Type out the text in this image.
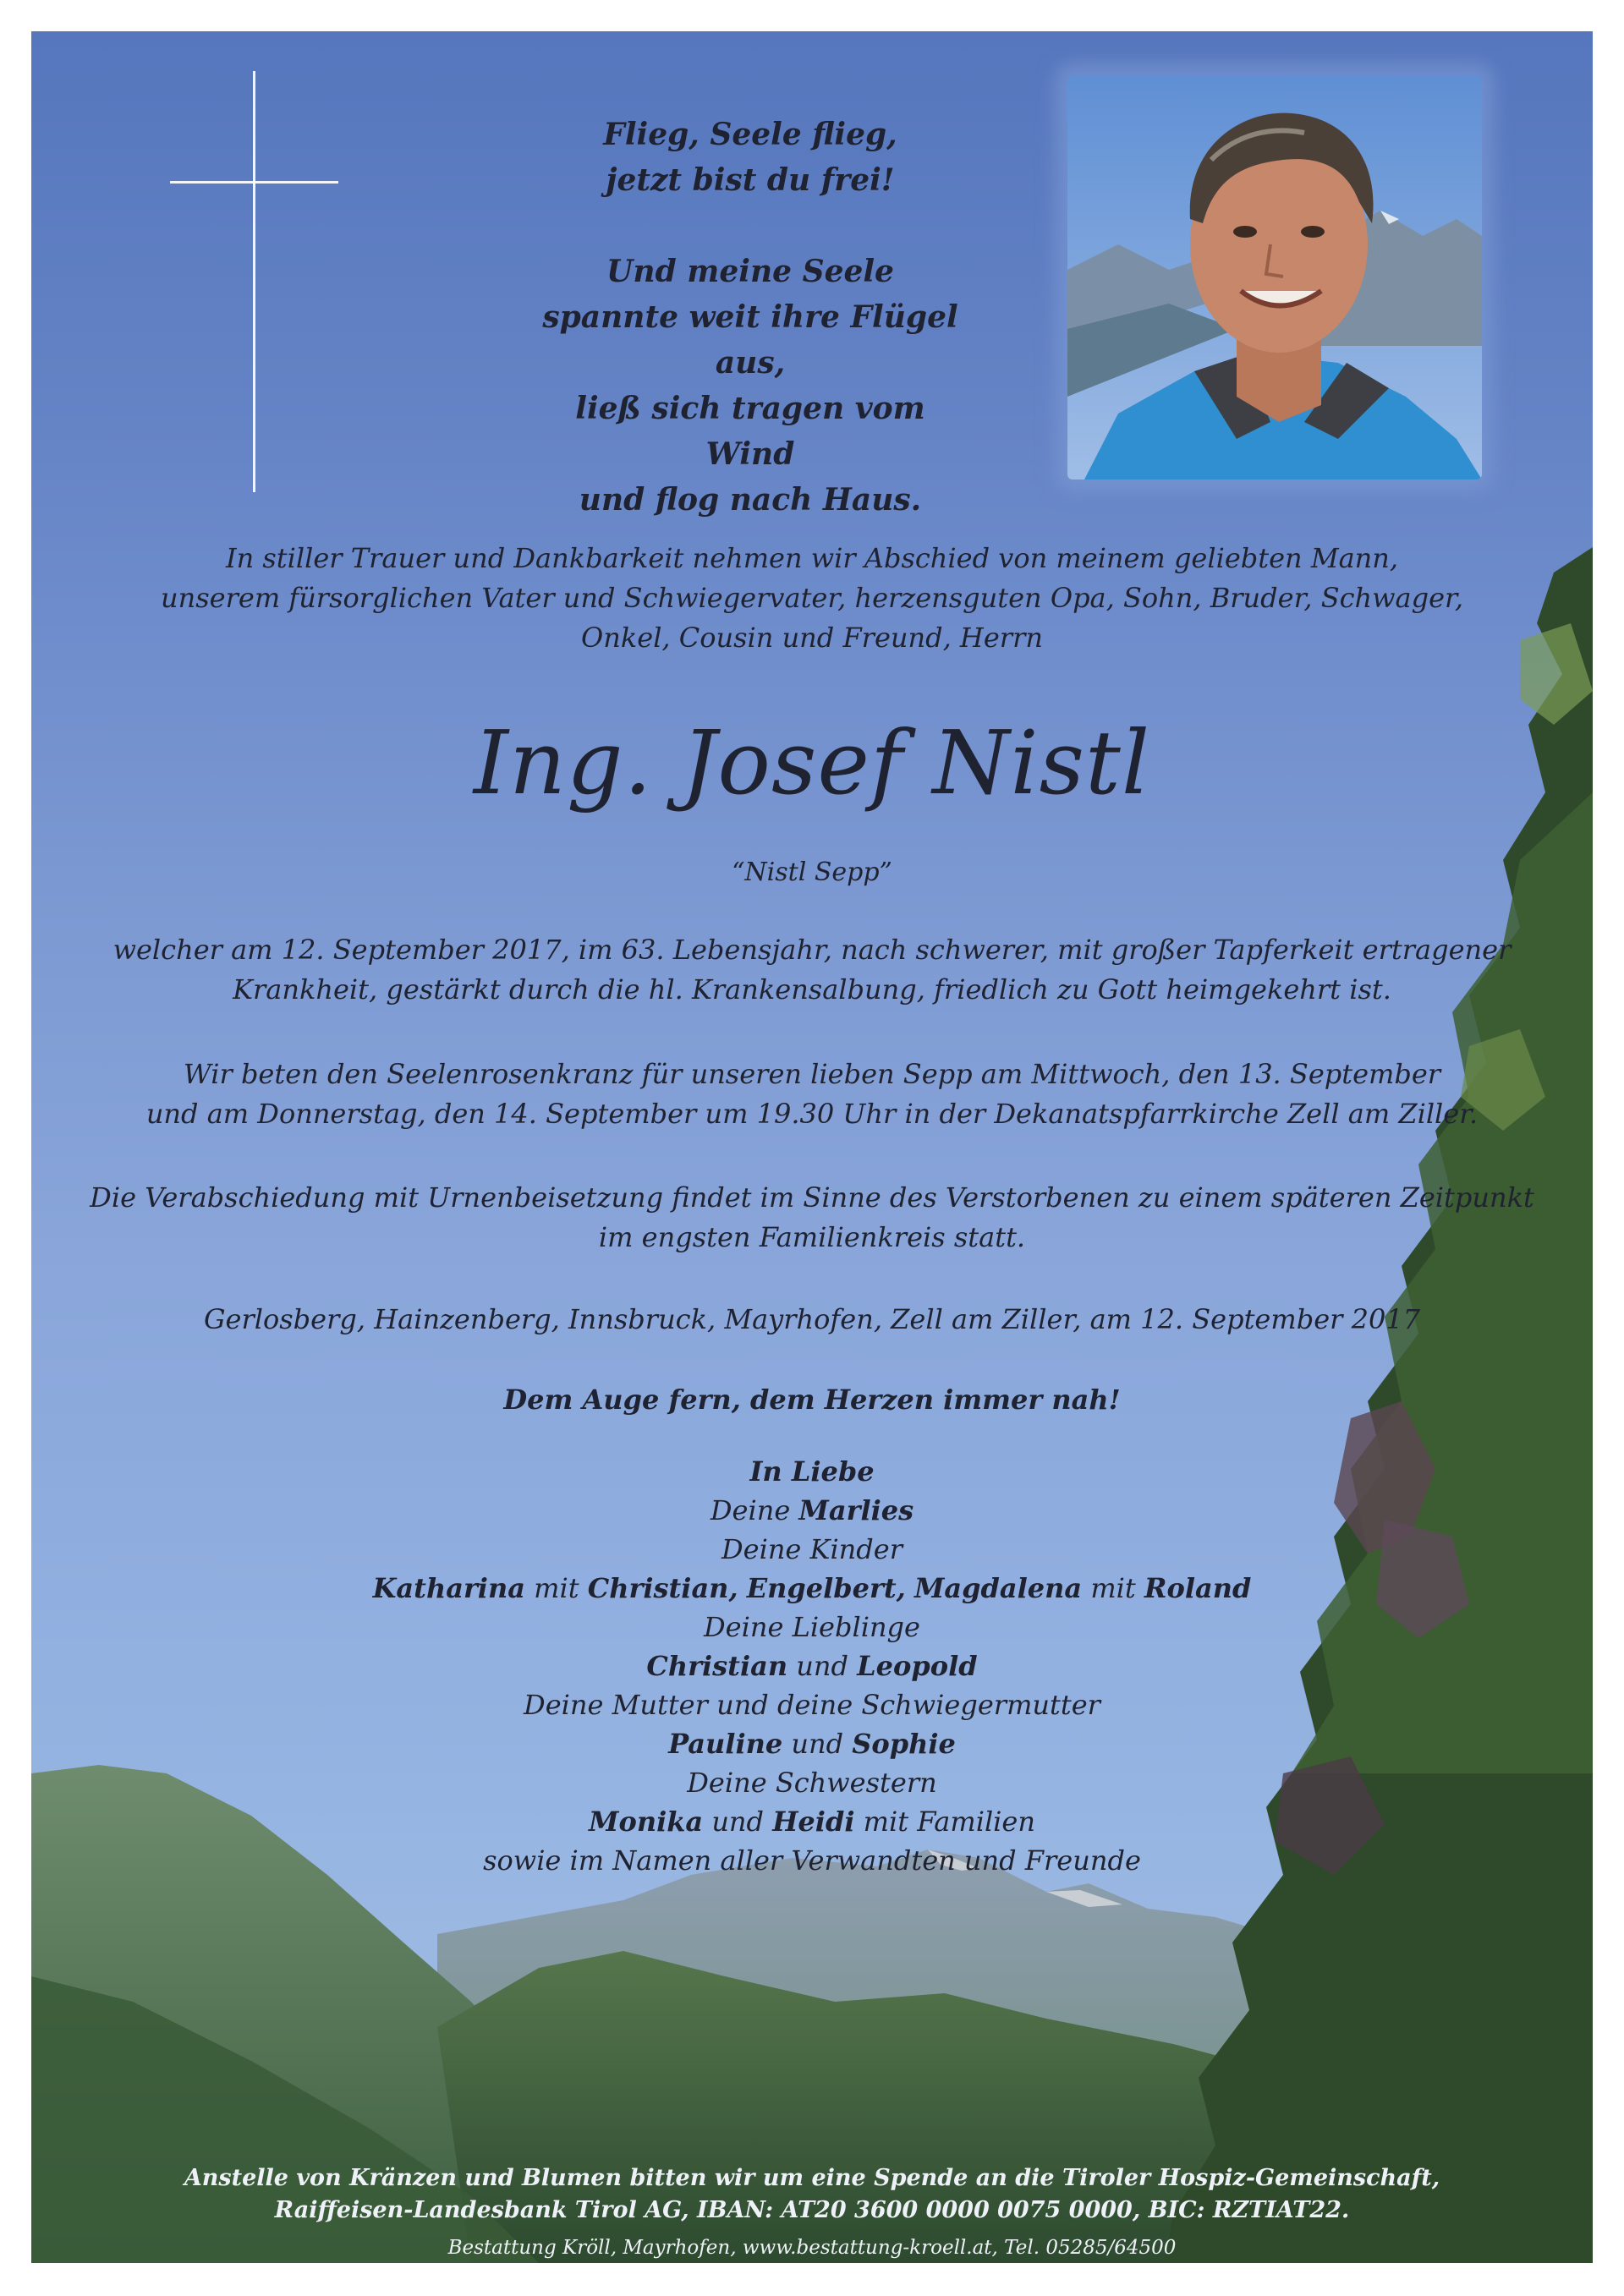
Flieg, Seele flieg,
jetzt bist du frei!

Und meine Seele
spannte weit ihre Flügel aus,
ließ sich tragen vom Wind
und flog nach Haus.

In stiller Trauer und Dankbarkeit nehmen wir Abschied von meinem geliebten Mann,
unserem fürsorglichen Vater und Schwiegervater, herzensguten Opa, Sohn, Bruder, Schwager,
Onkel, Cousin und Freund, Herrn
Ing. Josef Nistl
“Nistl Sepp”
welcher am 12. September 2017, im 63. Lebensjahr, nach schwerer, mit großer Tapferkeit ertragener
Krankheit, gestärkt durch die hl. Krankensalbung, friedlich zu Gott heimgekehrt ist.
Wir beten den Seelenrosenkranz für unseren lieben Sepp am Mittwoch, den 13. September
und am Donnerstag, den 14. September um 19.30 Uhr in der Dekanatspfarrkirche Zell am Ziller.
Die Verabschiedung mit Urnenbeisetzung findet im Sinne des Verstorbenen zu einem späteren Zeitpunkt
im engsten Familienkreis statt.
Gerlosberg, Hainzenberg, Innsbruck, Mayrhofen, Zell am Ziller, am 12. September 2017
Dem Auge fern, dem Herzen immer nah!
In Liebe
Deine Marlies
Deine Kinder
Katharina mit Christian, Engelbert, Magdalena mit Roland
Deine Lieblinge
Christian und Leopold
Deine Mutter und deine Schwiegermutter
Pauline und Sophie
Deine Schwestern
Monika und Heidi mit Familien
sowie im Namen aller Verwandten und Freunde
Anstelle von Kränzen und Blumen bitten wir um eine Spende an die Tiroler Hospiz-Gemeinschaft,
Raiffeisen-Landesbank Tirol AG, IBAN: AT20 3600 0000 0075 0000, BIC: RZTIAT22.
Bestattung Kröll, Mayrhofen, www.bestattung-kroell.at, Tel. 05285/64500
